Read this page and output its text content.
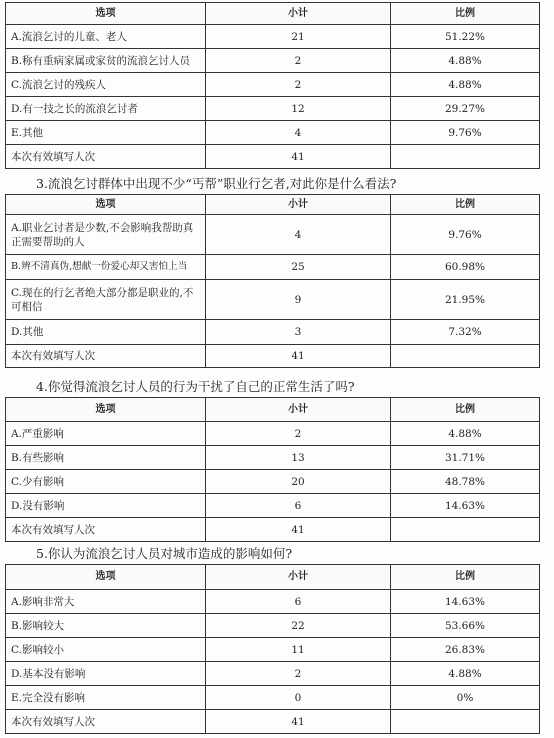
选项	小计	比例
A.流浪乞讨的儿童、老人	21	51.22%
B.称有重病家属或家贫的流浪乞讨人员	2	4.88%
C.流浪乞讨的残疾人	2	4.88%
D.有一技之长的流浪乞讨者	12	29.27%
E.其他	4	9.76%
本次有效填写人次	41	
3.流浪乞讨群体中出现不少“丐帮”职业行乞者,对此你是什么看法?
选项	小计	比例
A.职业乞讨者是少数,不会影响我帮助真正需要帮助的人	4	9.76%
B.辨不清真伪,想献一份爱心却又害怕上当	25	60.98%
C.现在的行乞者绝大部分都是职业的,不可相信	9	21.95%
D.其他	3	7.32%
本次有效填写人次	41	
4.你觉得流浪乞讨人员的行为干扰了自己的正常生活了吗?
选项	小计	比例
A.严重影响	2	4.88%
B.有些影响	13	31.71%
C.少有影响	20	48.78%
D.没有影响	6	14.63%
本次有效填写人次	41	
5.你认为流浪乞讨人员对城市造成的影响如何?
选项	小计	比例
A.影响非常大	6	14.63%
B.影响较大	22	53.66%
C.影响较小	11	26.83%
D.基本没有影响	2	4.88%
E.完全没有影响	0	0%
本次有效填写人次	41	
